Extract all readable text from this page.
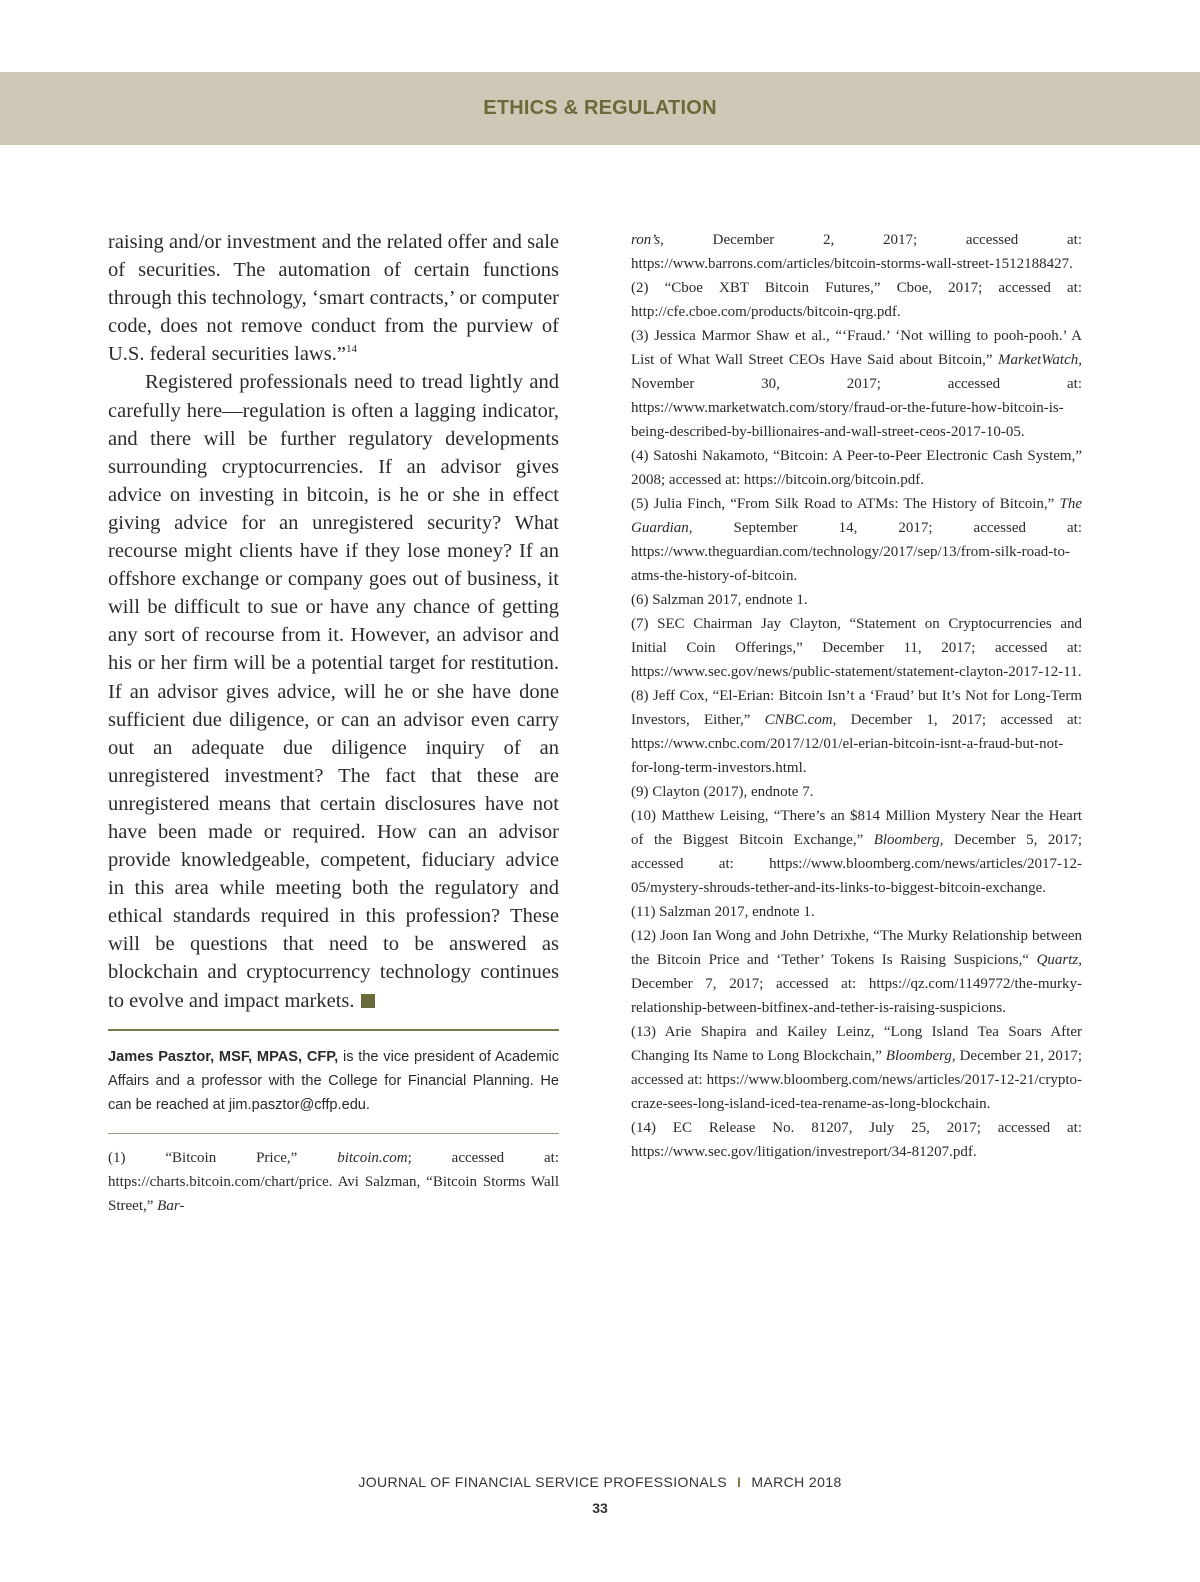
ETHICS & REGULATION

raising and/or investment and the related offer and sale of securities. The automation of certain functions through this technology, ‘smart contracts,’ or computer code, does not remove conduct from the purview of U.S. federal securities laws.”$^{14}$

Registered professionals need to tread lightly and carefully here—regulation is often a lagging indicator, and there will be further regulatory developments surrounding cryptocurrencies. If an advisor gives advice on investing in bitcoin, is he or she in effect giving advice for an unregistered security? What recourse might clients have if they lose money? If an offshore exchange or company goes out of business, it will be difficult to sue or have any chance of getting any sort of recourse from it. However, an advisor and his or her firm will be a potential target for restitution. If an advisor gives advice, will he or she have done sufficient due diligence, or can an advisor even carry out an adequate due diligence inquiry of an unregistered investment? The fact that these are unregistered means that certain disclosures have not have been made or required. How can an advisor provide knowledgeable, competent, fiduciary advice in this area while meeting both the regulatory and ethical standards required in this profession? These will be questions that need to be answered as blockchain and cryptocurrency technology continues to evolve and impact markets.

James Pasztor, MSF, MPAS, CFP, is the vice president of Academic Affairs and a professor with the College for Financial Planning. He can be reached at jim.pasztor@cffp.edu.

(1) “Bitcoin Price,” bitcoin.com; accessed at: https://charts.bitcoin.com/chart/price. Avi Salzman, “Bitcoin Storms Wall Street,” Bar-

ron’s, December 2, 2017; accessed at: https://www.barrons.com/articles/bitcoin-storms-wall-street-1512188427.

(2) “Cboe XBT Bitcoin Futures,” Cboe, 2017; accessed at: http://cfe.cboe.com/products/bitcoin-qrg.pdf.

(3) Jessica Marmor Shaw et al., “‘Fraud.’ ‘Not willing to pooh-pooh.’ A List of What Wall Street CEOs Have Said about Bitcoin,” MarketWatch, November 30, 2017; accessed at: https://www.marketwatch.com/story/fraud-or-the-future-how-bitcoin-is-being-described-by-billionaires-and-wall-street-ceos-2017-10-05.

(4) Satoshi Nakamoto, “Bitcoin: A Peer-to-Peer Electronic Cash System,” 2008; accessed at: https://bitcoin.org/bitcoin.pdf.

(5) Julia Finch, “From Silk Road to ATMs: The History of Bitcoin,” The Guardian, September 14, 2017; accessed at: https://www.theguardian.com/technology/2017/sep/13/from-silk-road-to-atms-the-history-of-bitcoin.

(6) Salzman 2017, endnote 1.

(7) SEC Chairman Jay Clayton, “Statement on Cryptocurrencies and Initial Coin Offerings,” December 11, 2017; accessed at: https://www.sec.gov/news/public-statement/statement-clayton-2017-12-11.

(8) Jeff Cox, “El-Erian: Bitcoin Isn’t a ‘Fraud’ but It’s Not for Long-Term Investors, Either,” CNBC.com, December 1, 2017; accessed at: https://www.cnbc.com/2017/12/01/el-erian-bitcoin-isnt-a-fraud-but-not-for-long-term-investors.html.

(9) Clayton (2017), endnote 7.

(10) Matthew Leising, “There’s an $814 Million Mystery Near the Heart of the Biggest Bitcoin Exchange,” Bloomberg, December 5, 2017; accessed at: https://www.bloomberg.com/news/articles/2017-12-05/mystery-shrouds-tether-and-its-links-to-biggest-bitcoin-exchange.

(11) Salzman 2017, endnote 1.

(12) Joon Ian Wong and John Detrixhe, “The Murky Relationship between the Bitcoin Price and ‘Tether’ Tokens Is Raising Suspicions,“ Quartz, December 7, 2017; accessed at: https://qz.com/1149772/the-murky-relationship-between-bitfinex-and-tether-is-raising-suspicions.

(13) Arie Shapira and Kailey Leinz, “Long Island Tea Soars After Changing Its Name to Long Blockchain,” Bloomberg, December 21, 2017; accessed at: https://www.bloomberg.com/news/articles/2017-12-21/crypto-craze-sees-long-island-iced-tea-rename-as-long-blockchain.

(14) EC Release No. 81207, July 25, 2017; accessed at: https://www.sec.gov/litigation/investreport/34-81207.pdf.

JOURNAL OF FINANCIAL SERVICE PROFESSIONALS I MARCH 2018
33
